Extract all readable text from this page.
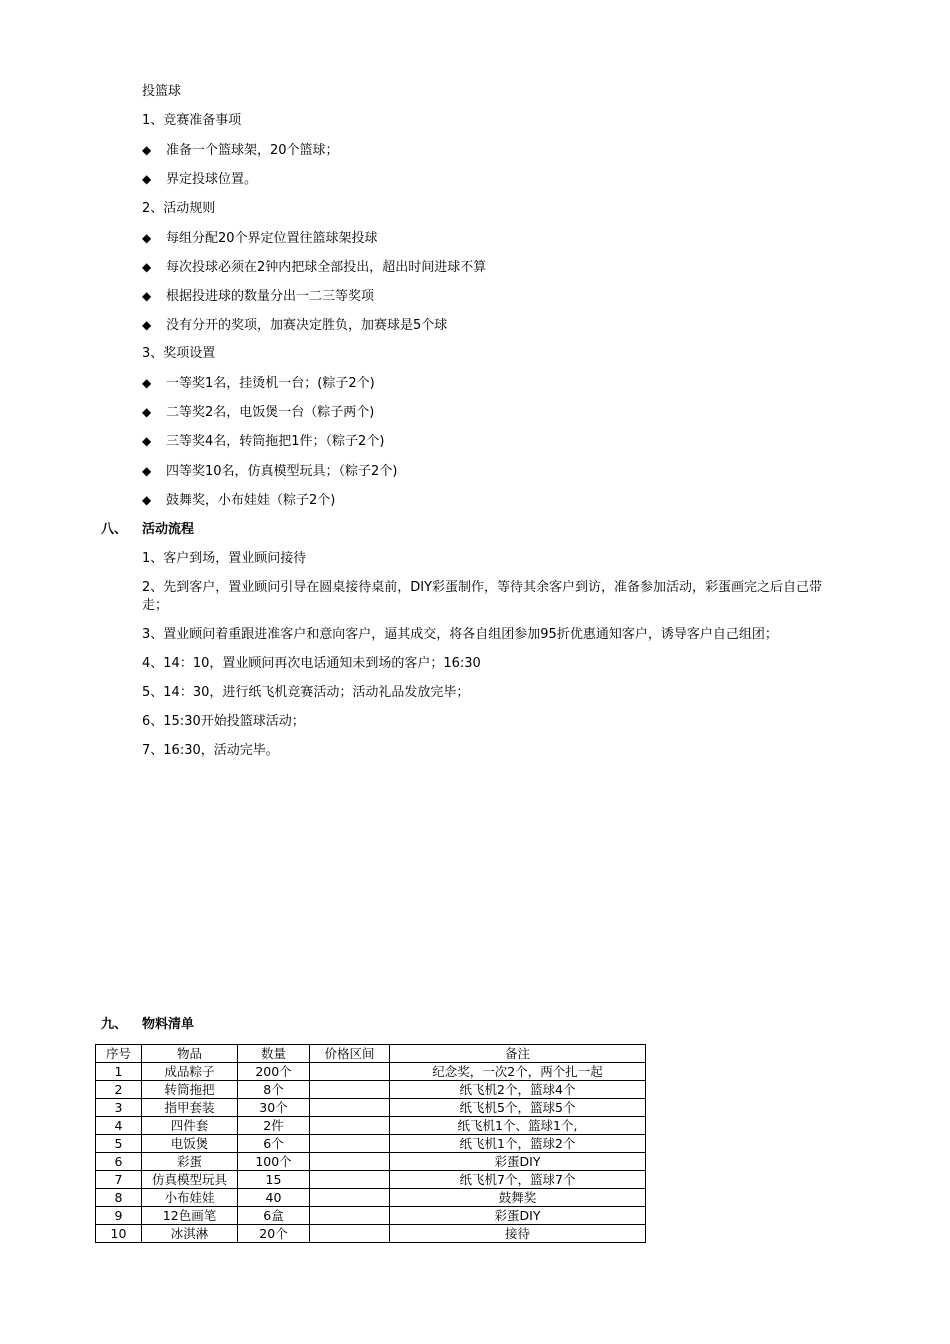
投篮球
1、竞赛准备事项
◆ 准备一个篮球架，20个篮球；
◆ 界定投球位置。
2、活动规则
◆ 每组分配20个界定位置往篮球架投球
◆ 每次投球必须在2钟内把球全部投出，超出时间进球不算
◆ 根据投进球的数量分出一二三等奖项
◆ 没有分开的奖项，加赛决定胜负，加赛球是5个球
3、奖项设置
◆ 一等奖1名，挂烫机一台；(粽子2个)
◆ 二等奖2名，电饭煲一台（粽子两个)
◆ 三等奖4名，转筒拖把1件；（粽子2个)
◆ 四等奖10名，仿真模型玩具；（粽子2个)
◆ 鼓舞奖，小布娃娃（粽子2个)
八、 活动流程
1、客户到场，置业顾问接待
2、先到客户，置业顾问引导在圆桌接待桌前，DIY彩蛋制作，等待其余客户到访，准备参加活动，彩蛋画完之后自己带走；
3、置业顾问着重跟进准客户和意向客户，逼其成交，将各自组团参加95折优惠通知客户，诱导客户自己组团；
4、14：10，置业顾问再次电话通知未到场的客户；16:30
5、14：30，进行纸飞机竞赛活动；活动礼品发放完毕；
6、15:30开始投篮球活动；
7、16:30，活动完毕。
九、 物料清单
序号	物品	数量	价格区间	备注
1	成品粽子	200个		纪念奖，一次2个，两个扎一起
2	转筒拖把	8个		纸飞机2个，篮球4个
3	指甲套装	30个		纸飞机5个，篮球5个
4	四件套	2件		纸飞机1个、篮球1个,
5	电饭煲	6个		纸飞机1个，篮球2个
6	彩蛋	100个		彩蛋DIY
7	仿真模型玩具	15		纸飞机7个，篮球7个
8	小布娃娃	40		鼓舞奖
9	12色画笔	6盒		彩蛋DIY
10	冰淇淋	20个		接待
